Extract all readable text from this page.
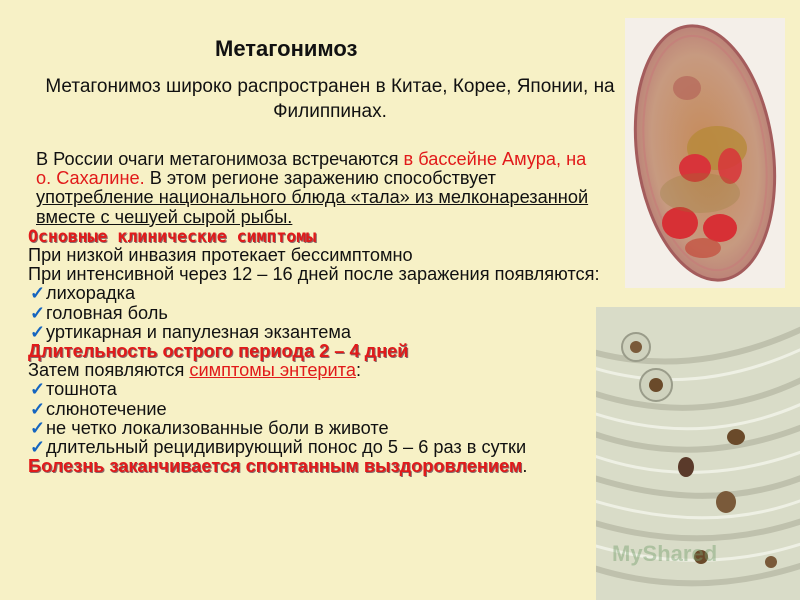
Метагонимоз

Метагонимоз широко распространен в Китае, Корее, Японии, на Филиппинах.

В России очаги метагонимоза встречаются в бассейне Амура, на о. Сахалине. В этом регионе заражению способствует употребление национального блюда «тала» из мелконарезанной вместе с чешуей сырой рыбы.

Основные клинические симптомы

При низкой инвазия протекает бессимптомно

При интенсивной через 12 – 16 дней после заражения появляются:

✓ лихорадка
✓ головная боль
✓ уртикарная и папулезная экзантема

Длительность острого периода 2 – 4 дней

Затем появляются симптомы энтерита:

✓ тошнота
✓ слюнотечение
✓ не четко локализованные боли в животе
✓ длительный рецидивирующий понос до 5 – 6 раз в сутки

Болезнь заканчивается спонтанным выздоровлением.

MyShared
